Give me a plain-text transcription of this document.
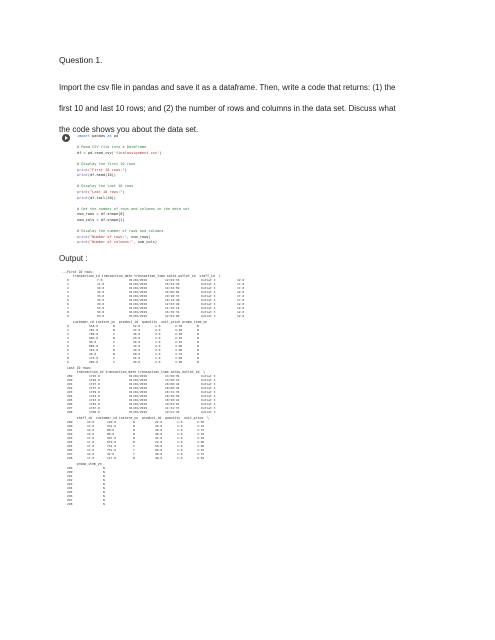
Question 1.
Import the csv file in pandas and save it as a dataframe. Then, write a code that returns: (1) the
first 10 and last 10 rows; and (2) the number of rows and columns in the data set. Discuss what
the code shows you about the data set.
import pandas as pd

# Read CSV file into a DataFrame
df = pd.read_csv('finalassignment.csv')

# Display the first 10 rows
print("First 10 rows:")
print(df.head(10))

# Display the last 10 rows
print("Last 10 rows:")
print(df.tail(10))

# Get the number of rows and columns in the data set
num_rows = df.shape[0]
num_cols = df.shape[1]

# Display the number of rows and columns
print("Number of rows:", num_rows)
print("Number of columns:", num_cols)

Output :
⋯ First 10 rows:
transaction_id transaction_date transaction_time sales_outlet_id  staff_id  \
0	7.0	01/06/2019	12:04:33	Outlet 3	12.0
1	11.0	01/06/2019	15:54:39	Outlet 3	17.0
2	19.0	01/06/2019	14:34:59	Outlet 3	17.0
3	32.0	01/06/2019	16:06:04	Outlet 3	12.0
4	33.0	01/06/2019	19:18:37	Outlet 3	17.0
5	35.0	01/06/2019	18:14:48	Outlet 3	17.0
6	39.0	01/06/2019	12:03:49	Outlet 3	12.0
7	53.0	01/06/2019	11:15:14	Outlet 3	12.0
8	59.0	01/06/2019	16:39:31	Outlet 3	12.0
9	63.0	01/06/2019	12:01:00	Outlet 3	12.0
customer_id instore_yn  product_id  quantity  unit_price promo_item_yn
0	558.0	N	52.0	1.0	2.50	N
1	781.0	N	27.0	2.0	3.50	N
2	788.0	Y	46.0	2.0	2.50	N
3	683.0	N	23.0	2.0	2.50	N
4	99.0	Y	34.0	1.0	2.45	N
5	886.0	Y	32.0	2.0	3.00	N
6	310.0	N	49.0	2.0	3.00	N
7	26.0	N	60.0	1.0	3.75	N
8	176.0	Y	51.0	1.0	3.00	N
9	280.0	Y	49.0	2.0	3.00	N
Last 10 rows:
transaction_id transaction_date transaction_time sales_outlet_id  \
289	1725.0	01/06/2019	13:50:36	Outlet 3
290	1726.0	01/06/2019	13:50:23	Outlet 3
291	1727.0	01/06/2019	18:00:44	Outlet 3
292	1737.0	01/06/2019	18:00:45	Outlet 3
293	1739.0	01/06/2019	18:31:35	Outlet 3
294	1742.0	01/06/2019	18:39:59	Outlet 3
295	1743.0	01/06/2019	18:50:42	Outlet 3
296	1745.0	01/06/2019	19:03:01	Outlet 3
297	1747.0	01/06/2019	11:31:37	Outlet 3
298	1760.0	01/06/2019	19:51:35	Outlet 3
staff_id  customer_id instore_yn  product_id  quantity  unit_price  \
289	12.0	140.0	N	22.0	1.0	2.50
290	17.0	341.0	N	29.0	1.0	3.10
291	12.0	88.0	N	40.0	1.0	3.75
292	12.0	88.0	N	40.0	1.0	3.25
293	17.0	997.0	N	41.0	1.0	2.50
294	17.0	879.0	N	22.0	1.0	2.00
295	17.0	751.0	Y	58.0	1.0	3.00
296	17.0	751.0	Y	89.0	1.0	3.25
297	12.0	42.0	Y	40.0	1.0	3.75
298	17.0	117.0	N	48.0	1.0	2.50
promo_item_yn
289	N
290	N
291	N
292	N
293	N
294	N
295	N
296	N
297	N
298	N
